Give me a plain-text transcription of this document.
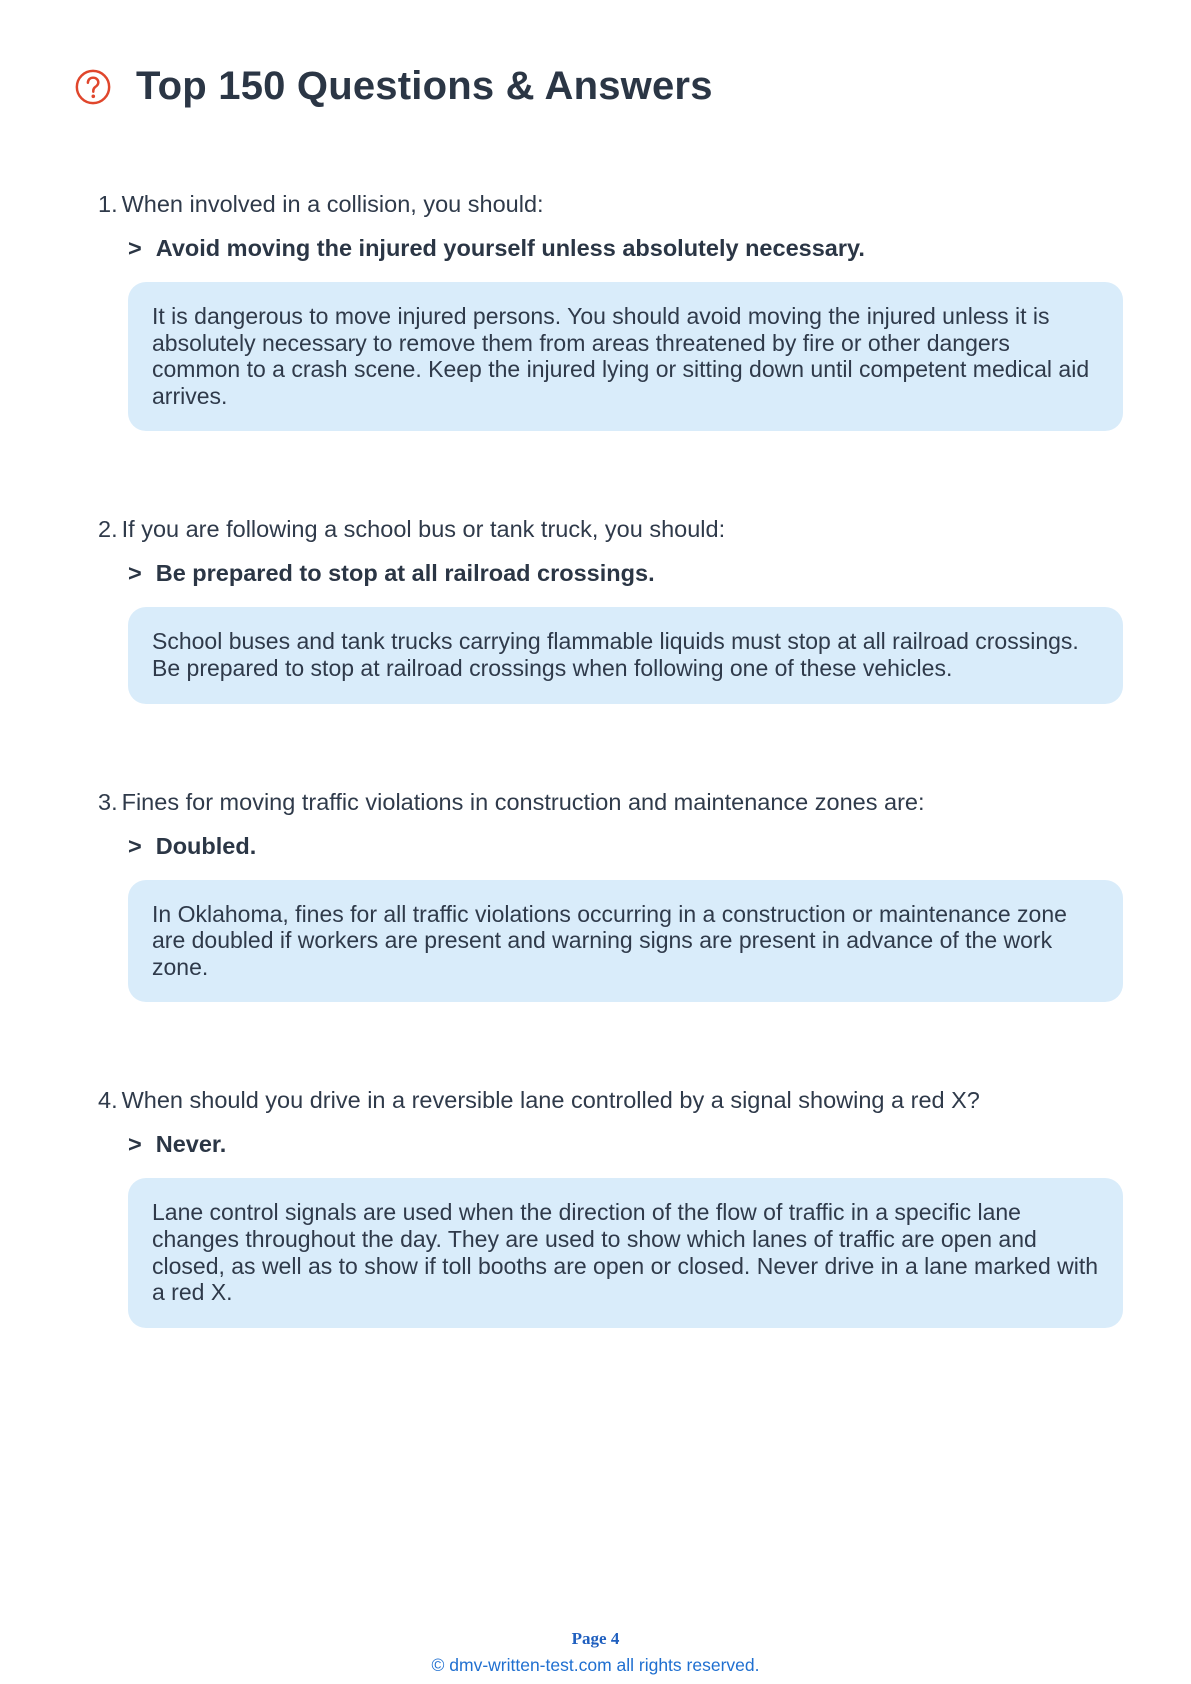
Top 150 Questions & Answers
1. When involved in a collision, you should:
> Avoid moving the injured yourself unless absolutely necessary.
It is dangerous to move injured persons. You should avoid moving the injured unless it is absolutely necessary to remove them from areas threatened by fire or other dangers common to a crash scene. Keep the injured lying or sitting down until competent medical aid arrives.
2. If you are following a school bus or tank truck, you should:
> Be prepared to stop at all railroad crossings.
School buses and tank trucks carrying flammable liquids must stop at all railroad crossings. Be prepared to stop at railroad crossings when following one of these vehicles.
3. Fines for moving traffic violations in construction and maintenance zones are:
> Doubled.
In Oklahoma, fines for all traffic violations occurring in a construction or maintenance zone are doubled if workers are present and warning signs are present in advance of the work zone.
4. When should you drive in a reversible lane controlled by a signal showing a red X?
> Never.
Lane control signals are used when the direction of the flow of traffic in a specific lane changes throughout the day. They are used to show which lanes of traffic are open and closed, as well as to show if toll booths are open or closed. Never drive in a lane marked with a red X.
Page 4
© dmv-written-test.com all rights reserved.
